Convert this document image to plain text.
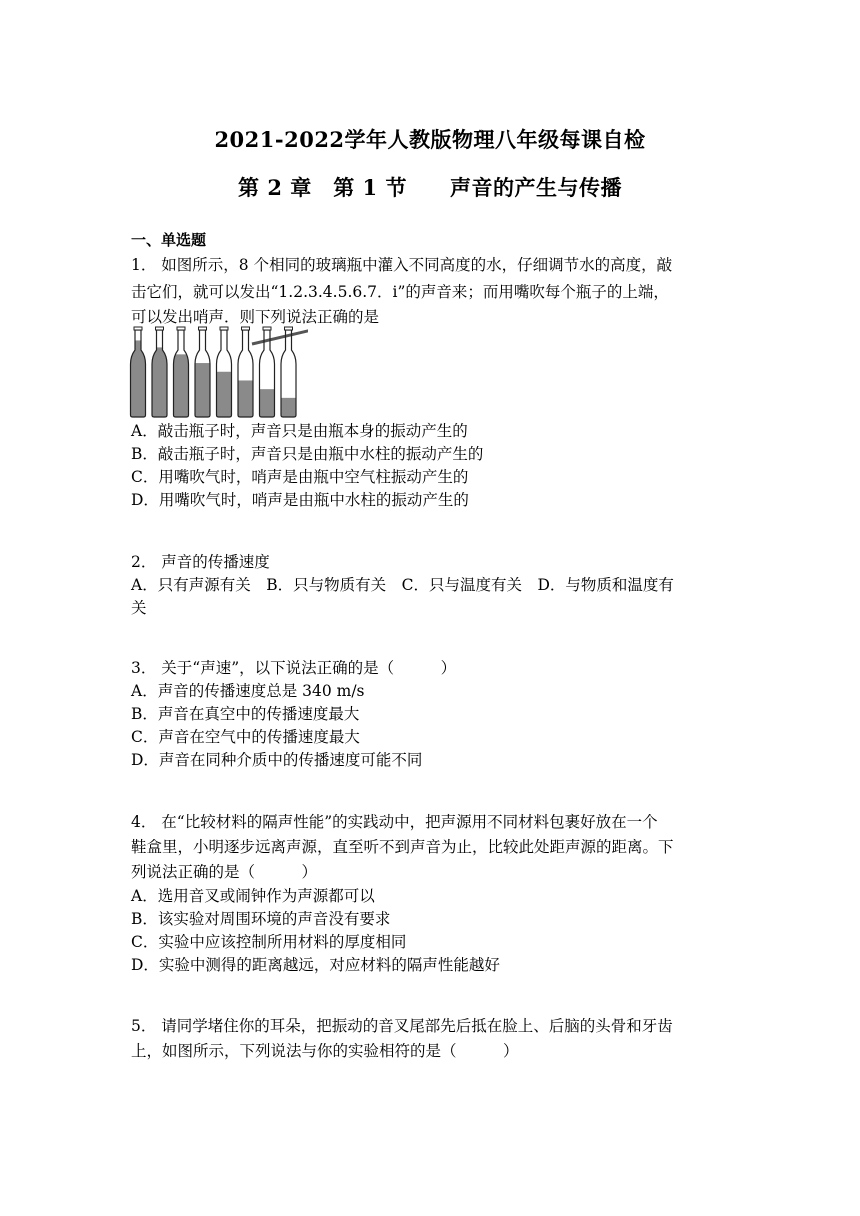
2021-2022学年人教版物理八年级每课自检
第 2 章　第 1 节　　声音的产生与传播
一、单选题
1． 如图所示，8 个相同的玻璃瓶中灌入不同高度的水，仔细调节水的高度，敲
击它们，就可以发出“1.2.3.4.5.6.7．i”的声音来；而用嘴吹每个瓶子的上端，
可以发出哨声．则下列说法正确的是
A．敲击瓶子时，声音只是由瓶本身的振动产生的
B．敲击瓶子时，声音只是由瓶中水柱的振动产生的
C．用嘴吹气时，哨声是由瓶中空气柱振动产生的
D．用嘴吹气时，哨声是由瓶中水柱的振动产生的
2． 声音的传播速度
A．只有声源有关　B．只与物质有关　C．只与温度有关　D．与物质和温度有
关
3． 关于“声速”，以下说法正确的是（　　　）
A．声音的传播速度总是 340 m/s
B．声音在真空中的传播速度最大
C．声音在空气中的传播速度最大
D．声音在同种介质中的传播速度可能不同
4． 在“比较材料的隔声性能”的实践动中，把声源用不同材料包裹好放在一个
鞋盒里，小明逐步远离声源，直至听不到声音为止，比较此处距声源的距离。下
列说法正确的是（　　　）
A．选用音叉或闹钟作为声源都可以
B．该实验对周围环境的声音没有要求
C．实验中应该控制所用材料的厚度相同
D．实验中测得的距离越远，对应材料的隔声性能越好
5． 请同学堵住你的耳朵，把振动的音叉尾部先后抵在脸上、后脑的头骨和牙齿
上，如图所示，下列说法与你的实验相符的是（　　　）
